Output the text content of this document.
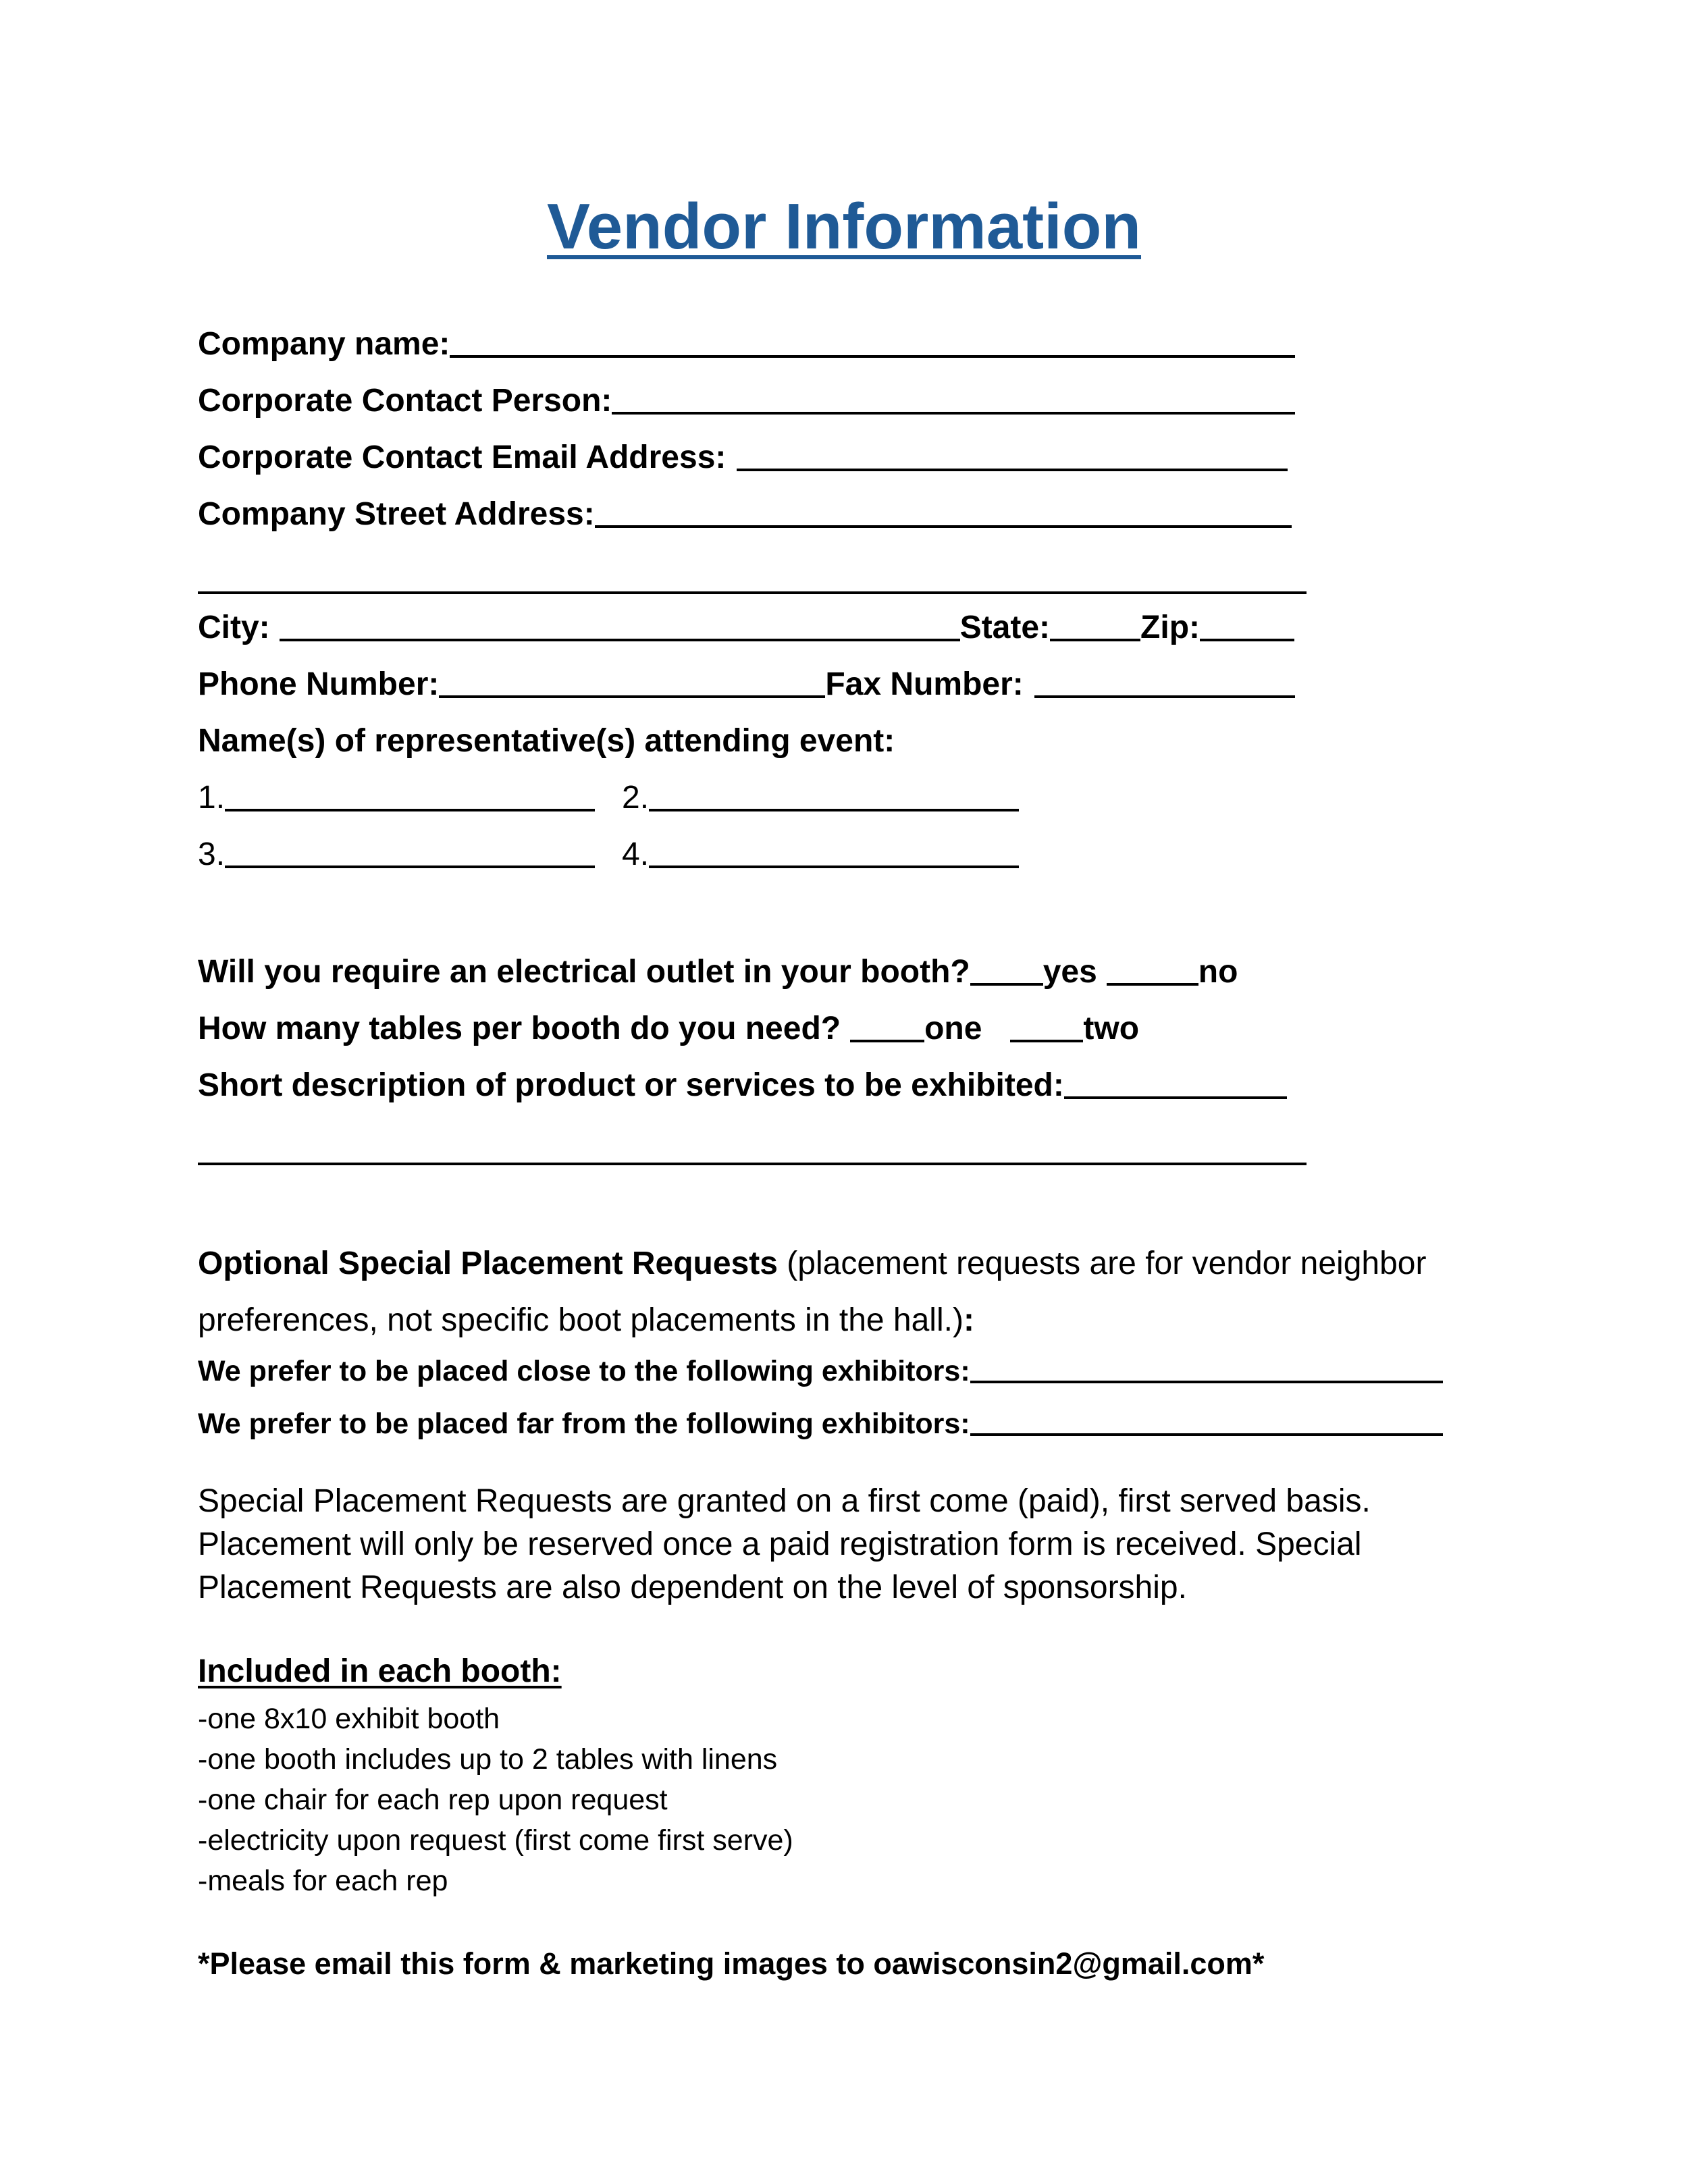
Vendor Information
Company name:
Corporate Contact Person:
Corporate Contact Email Address:
Company Street Address:
City:	State:	Zip:
Phone Number:	Fax Number:
Name(s) of representative(s) attending event:
1.	2.
3.	4.
Will you require an electrical outlet in your booth? yes	no
How many tables per booth do you need?	one	two
Short description of product or services to be exhibited:
Optional Special Placement Requests (placement requests are for vendor neighbor preferences, not specific boot placements in the hall.):
We prefer to be placed close to the following exhibitors:
We prefer to be placed far from the following exhibitors:
Special Placement Requests are granted on a first come (paid), first served basis. Placement will only be reserved once a paid registration form is received. Special Placement Requests are also dependent on the level of sponsorship.
Included in each booth:
-one 8x10 exhibit booth
-one booth includes up to 2 tables with linens
-one chair for each rep upon request
-electricity upon request (first come first serve)
-meals for each rep
*Please email this form & marketing images to oawisconsin2@gmail.com*
